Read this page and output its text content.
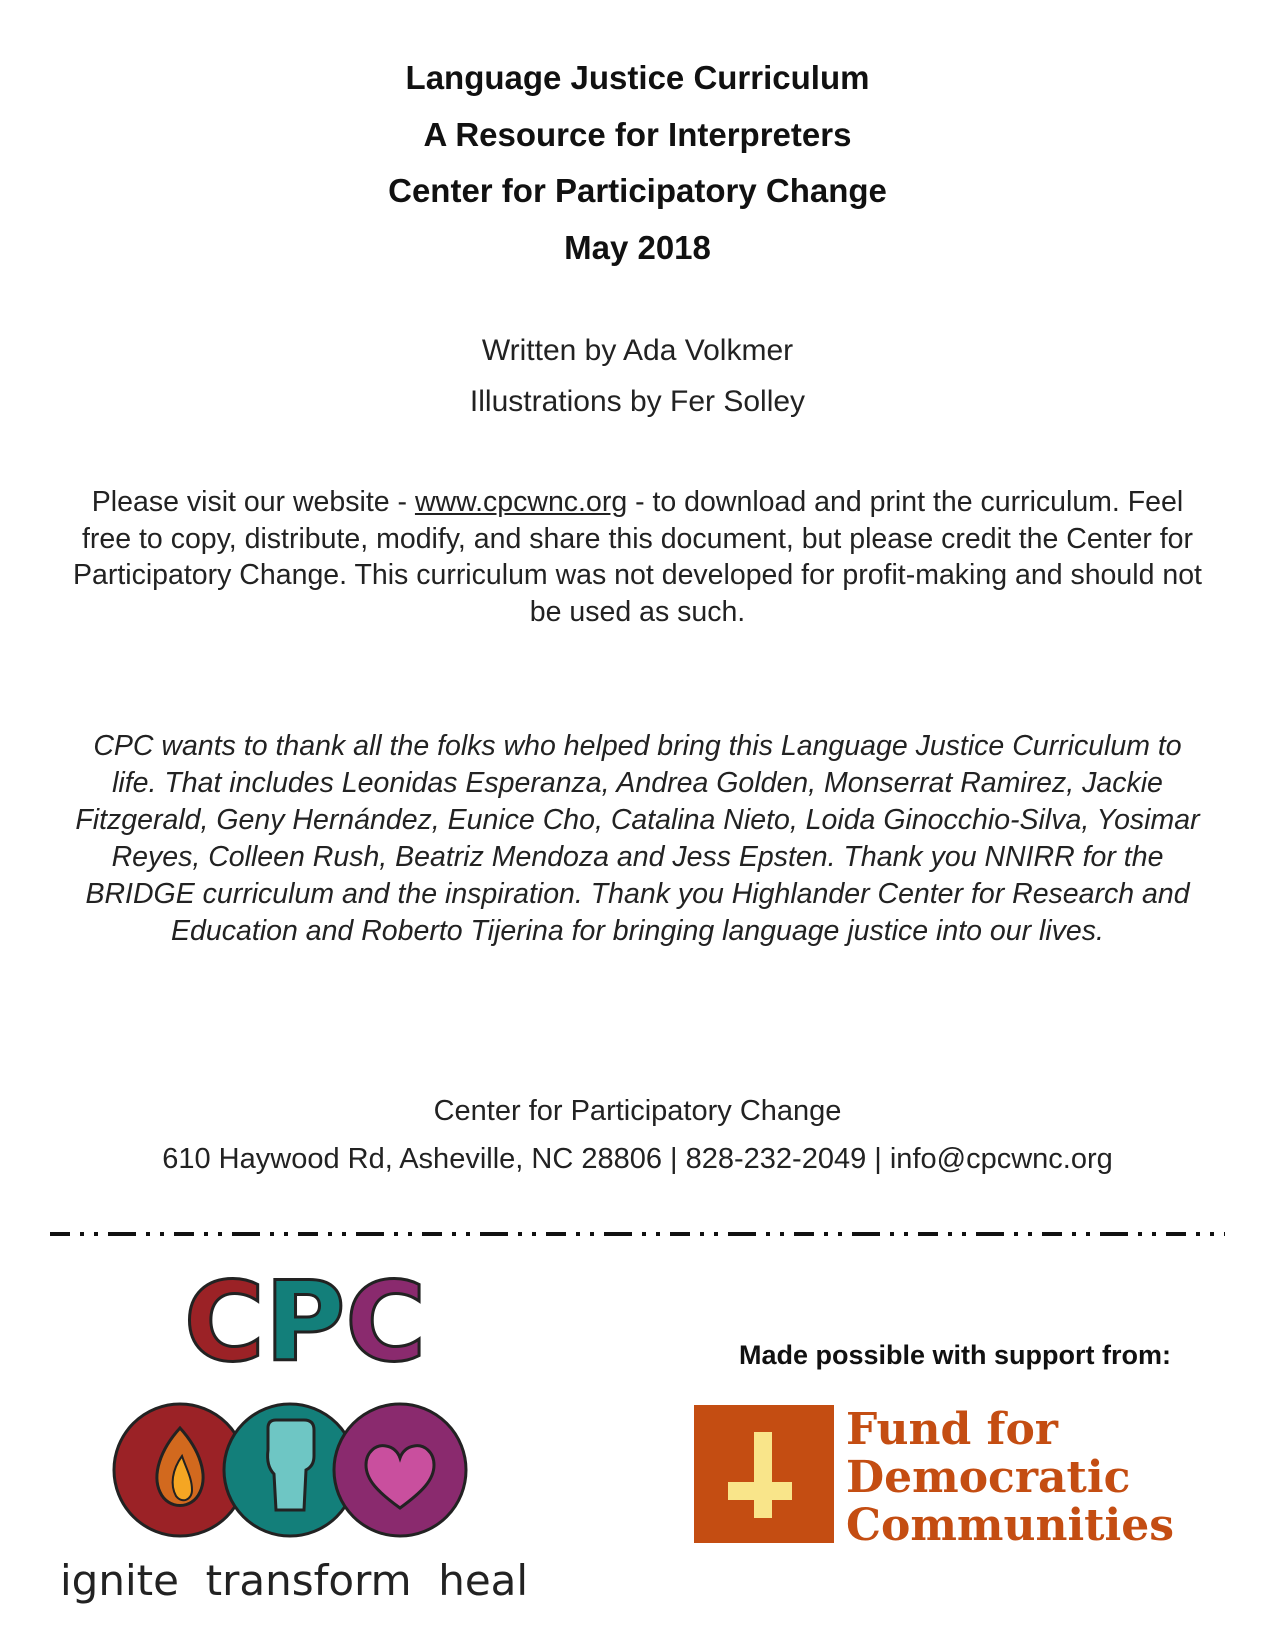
Language Justice Curriculum
A Resource for Interpreters
Center for Participatory Change
May 2018
Written by Ada Volkmer
Illustrations by Fer Solley
Please visit our website - www.cpcwnc.org - to download and print the curriculum. Feel free to copy, distribute, modify, and share this document, but please credit the Center for Participatory Change. This curriculum was not developed for profit-making and should not be used as such.
CPC wants to thank all the folks who helped bring this Language Justice Curriculum to life. That includes Leonidas Esperanza, Andrea Golden, Monserrat Ramirez, Jackie Fitzgerald, Geny Hernández, Eunice Cho, Catalina Nieto, Loida Ginocchio-Silva, Yosimar Reyes, Colleen Rush, Beatriz Mendoza and Jess Epsten. Thank you NNIRR for the BRIDGE curriculum and the inspiration. Thank you Highlander Center for Research and Education and Roberto Tijerina for bringing language justice into our lives.
Center for Participatory Change
610 Haywood Rd, Asheville, NC 28806 | 828-232-2049 | info@cpcwnc.org
CPC
ignite  transform  heal
Made possible with support from:
Fund for
Democratic
Communities
